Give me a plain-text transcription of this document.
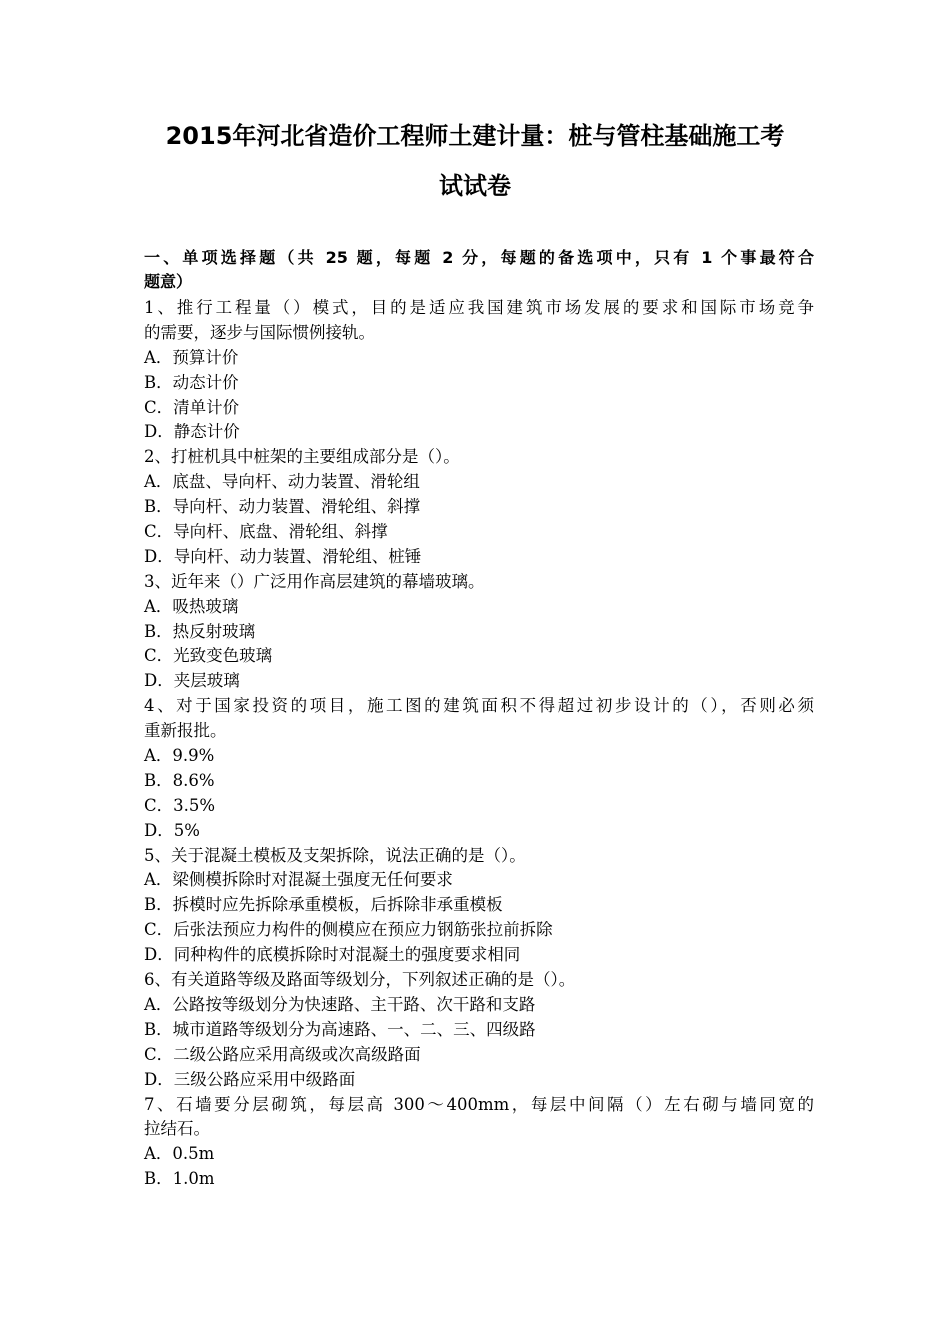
2015年河北省造价工程师土建计量：桩与管柱基础施工考
试试卷
一、单项选择题（共 25 题，每题 2 分，每题的备选项中，只有 1 个事最符合
题意）
1、推行工程量（）模式，目的是适应我国建筑市场发展的要求和国际市场竞争
的需要，逐步与国际惯例接轨。
A．预算计价
B．动态计价
C．清单计价
D．静态计价
2、打桩机具中桩架的主要组成部分是（）。
A．底盘、导向杆、动力装置、滑轮组
B．导向杆、动力装置、滑轮组、斜撑
C．导向杆、底盘、滑轮组、斜撑
D．导向杆、动力装置、滑轮组、桩锤
3、近年来（）广泛用作高层建筑的幕墙玻璃。
A．吸热玻璃
B．热反射玻璃
C．光致变色玻璃
D．夹层玻璃
4、对于国家投资的项目，施工图的建筑面积不得超过初步设计的（），否则必须
重新报批。
A．9.9%
B．8.6%
C．3.5%
D．5%
5、关于混凝土模板及支架拆除，说法正确的是（）。
A．梁侧模拆除时对混凝土强度无任何要求
B．拆模时应先拆除承重模板，后拆除非承重模板
C．后张法预应力构件的侧模应在预应力钢筋张拉前拆除
D．同种构件的底模拆除时对混凝土的强度要求相同
6、有关道路等级及路面等级划分，下列叙述正确的是（）。
A．公路按等级划分为快速路、主干路、次干路和支路
B．城市道路等级划分为高速路、一、二、三、四级路
C．二级公路应采用高级或次高级路面
D．三级公路应采用中级路面
7、石墙要分层砌筑，每层高 300～400mm，每层中间隔（）左右砌与墙同宽的
拉结石。
A．0.5m
B．1.0m
